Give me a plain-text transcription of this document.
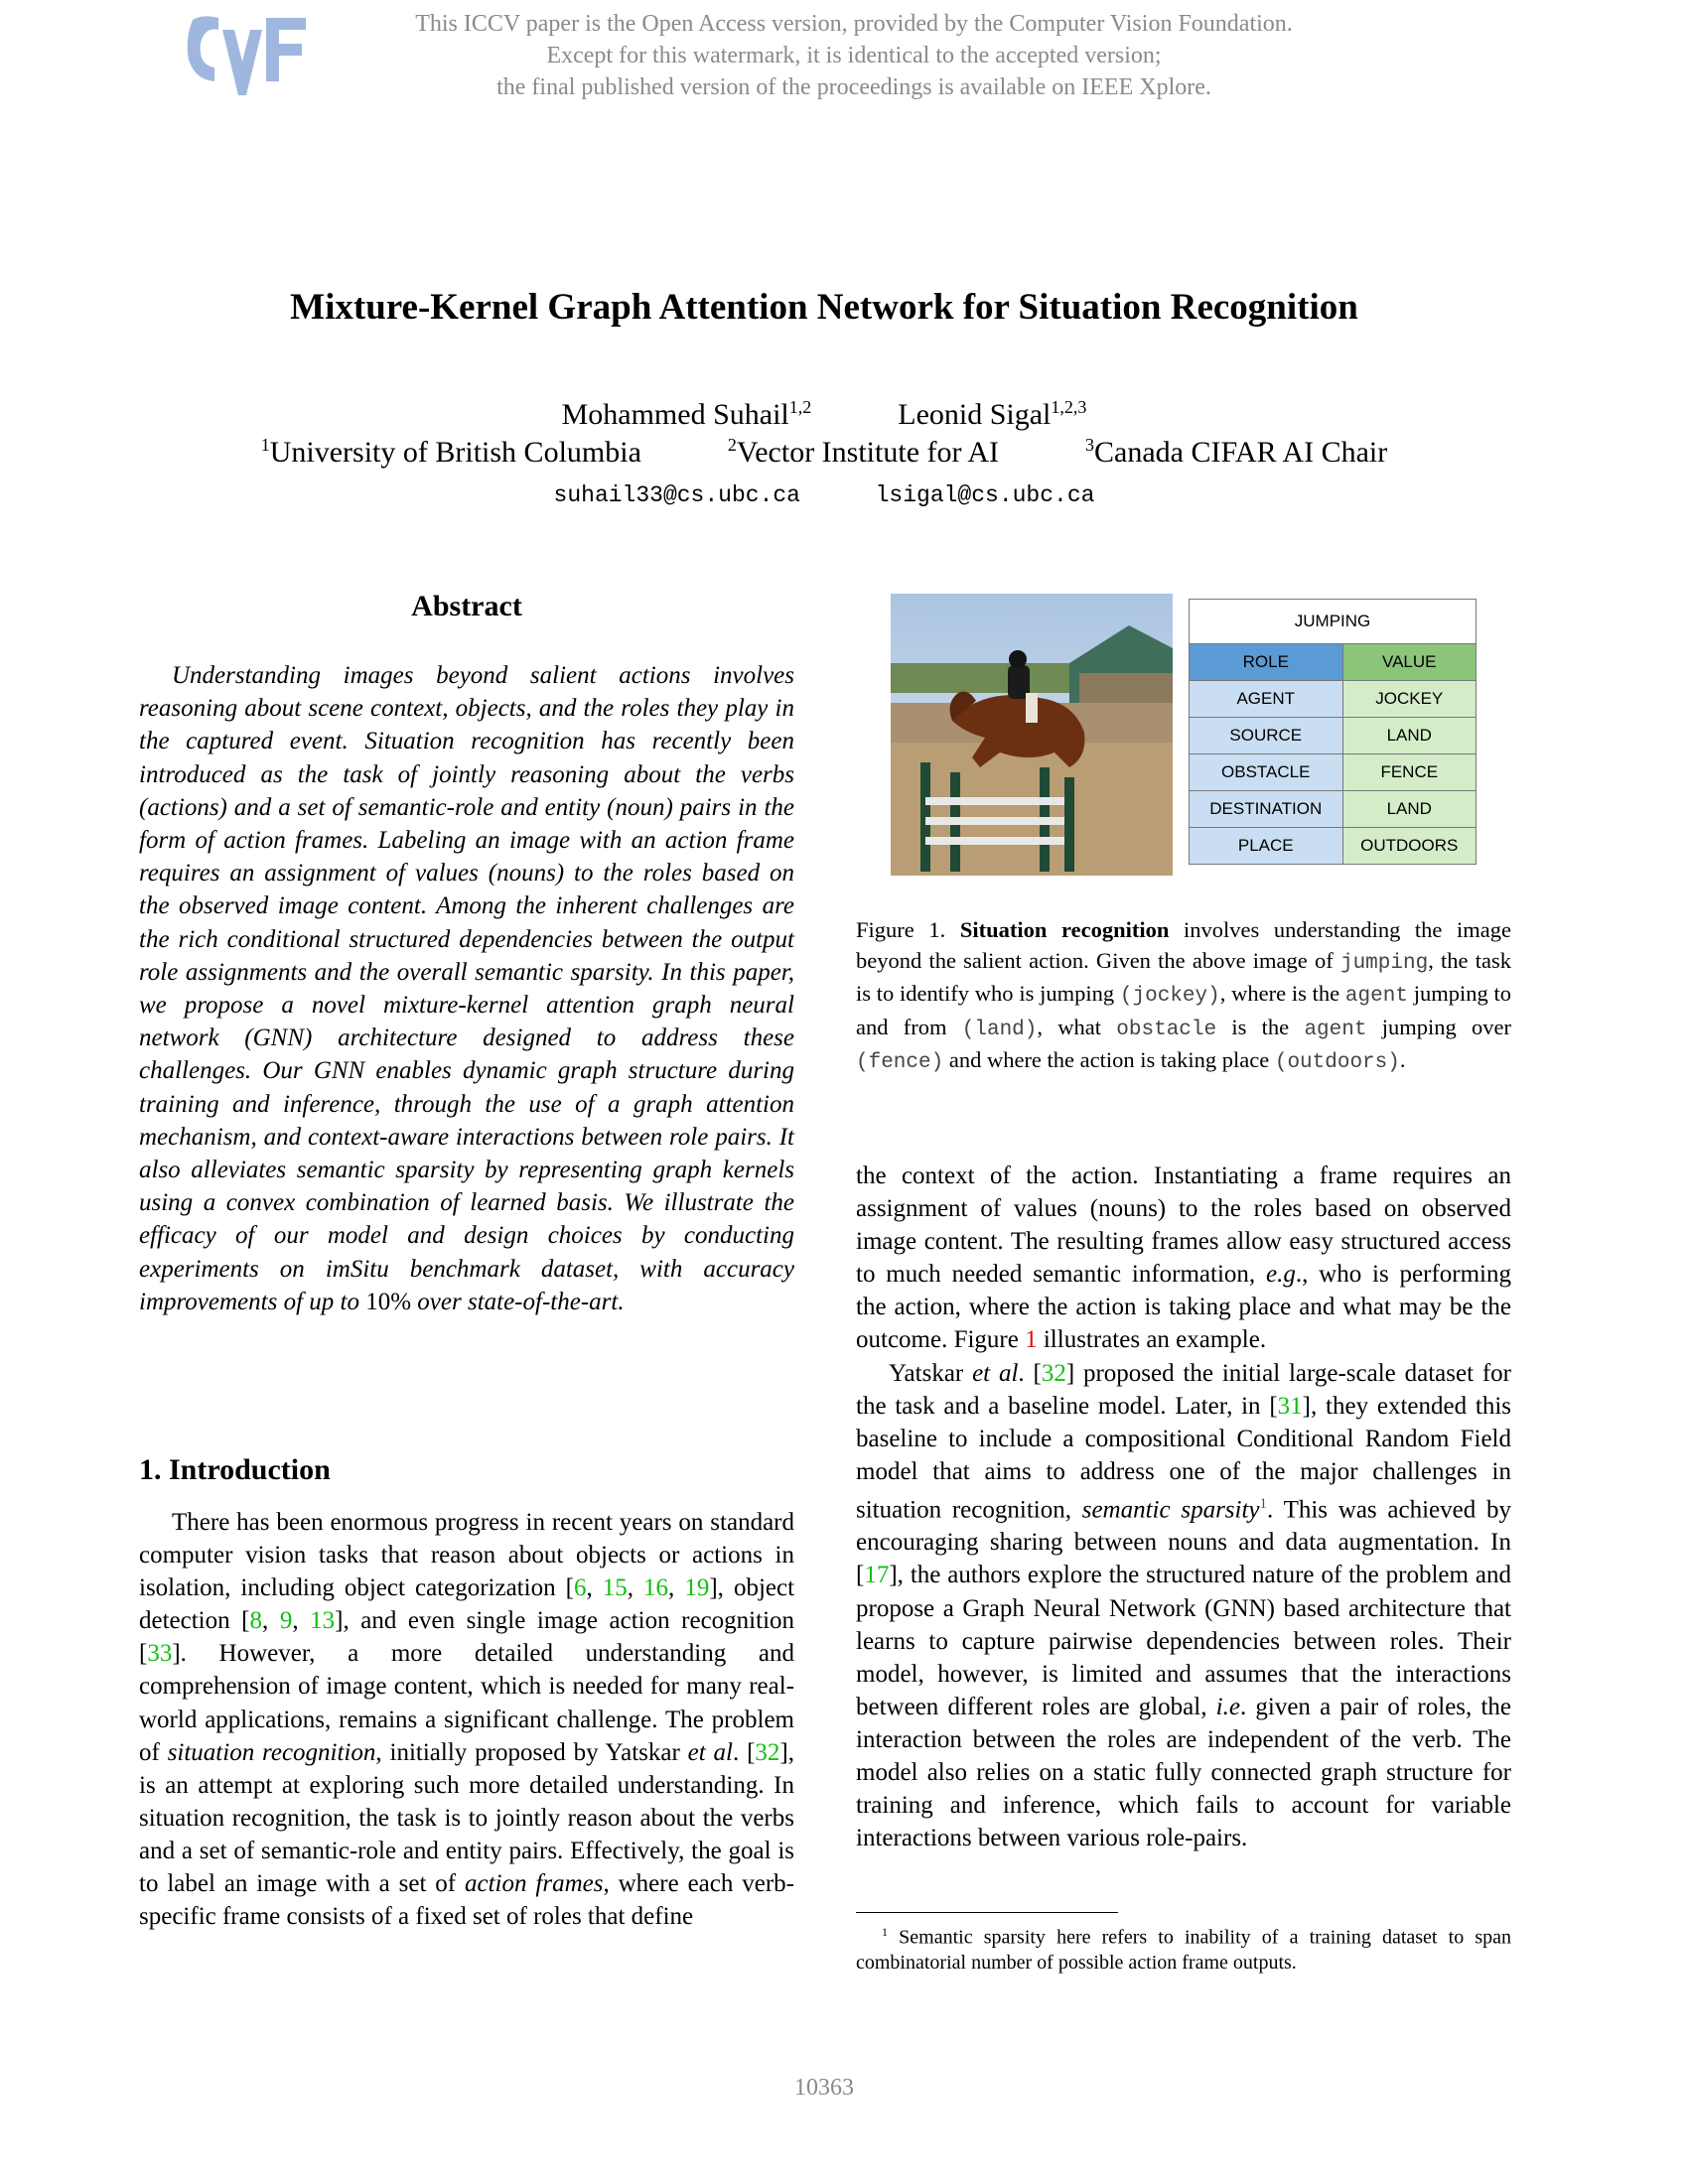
This ICCV paper is the Open Access version, provided by the Computer Vision Foundation.
Except for this watermark, it is identical to the accepted version;
the final published version of the proceedings is available on IEEE Xplore.
Mixture-Kernel Graph Attention Network for Situation Recognition
Mohammed Suhail$^{1,2}$	Leonid Sigal$^{1,2,3}$
$^1$University of British Columbia	$^2$Vector Institute for AI	$^3$Canada CIFAR AI Chair
suhail33@cs.ubc.ca	lsigal@cs.ubc.ca
Abstract

Understanding images beyond salient actions involves reasoning about scene context, objects, and the roles they play in the captured event. Situation recognition has recently been introduced as the task of jointly reasoning about the verbs (actions) and a set of semantic-role and entity (noun) pairs in the form of action frames. Labeling an image with an action frame requires an assignment of values (nouns) to the roles based on the observed image content. Among the inherent challenges are the rich conditional structured dependencies between the output role assignments and the overall semantic sparsity. In this paper, we propose a novel mixture-kernel attention graph neural network (GNN) architecture designed to address these challenges. Our GNN enables dynamic graph structure during training and inference, through the use of a graph attention mechanism, and context-aware interactions between role pairs. It also alleviates semantic sparsity by representing graph kernels using a convex combination of learned basis. We illustrate the efficacy of our model and design choices by conducting experiments on imSitu benchmark dataset, with accuracy improvements of up to 10% over state-of-the-art.

1. Introduction

There has been enormous progress in recent years on standard computer vision tasks that reason about objects or actions in isolation, including object categorization [6, 15, 16, 19], object detection [8, 9, 13], and even single image action recognition [33]. However, a more detailed understanding and comprehension of image content, which is needed for many real-world applications, remains a significant challenge. The problem of situation recognition, initially proposed by Yatskar et al. [32], is an attempt at exploring such more detailed understanding. In situation recognition, the task is to jointly reason about the verbs and a set of semantic-role and entity pairs. Effectively, the goal is to label an image with a set of action frames, where each verb-specific frame consists of a fixed set of roles that define

JUMPING	
ROLE	VALUE
AGENT	JOCKEY
SOURCE	LAND
OBSTACLE	FENCE
DESTINATION	LAND
PLACE	OUTDOORS
Figure 1. Situation recognition involves understanding the image beyond the salient action. Given the above image of jumping, the task is to identify who is jumping (jockey), where is the agent jumping to and from (land), what obstacle is the agent jumping over (fence) and where the action is taking place (outdoors).

the context of the action. Instantiating a frame requires an assignment of values (nouns) to the roles based on observed image content. The resulting frames allow easy structured access to much needed semantic information, e.g., who is performing the action, where the action is taking place and what may be the outcome. Figure 1 illustrates an example.

Yatskar et al. [32] proposed the initial large-scale dataset for the task and a baseline model. Later, in [31], they extended this baseline to include a compositional Conditional Random Field model that aims to address one of the major challenges in situation recognition, semantic sparsity$^1$. This was achieved by encouraging sharing between nouns and data augmentation. In [17], the authors explore the structured nature of the problem and propose a Graph Neural Network (GNN) based architecture that learns to capture pairwise dependencies between roles. Their model, however, is limited and assumes that the interactions between different roles are global, i.e. given a pair of roles, the interaction between the roles are independent of the verb. The model also relies on a static fully connected graph structure for training and inference, which fails to account for variable interactions between various role-pairs.

$^1$ Semantic sparsity here refers to inability of a training dataset to span combinatorial number of possible action frame outputs.
10363
